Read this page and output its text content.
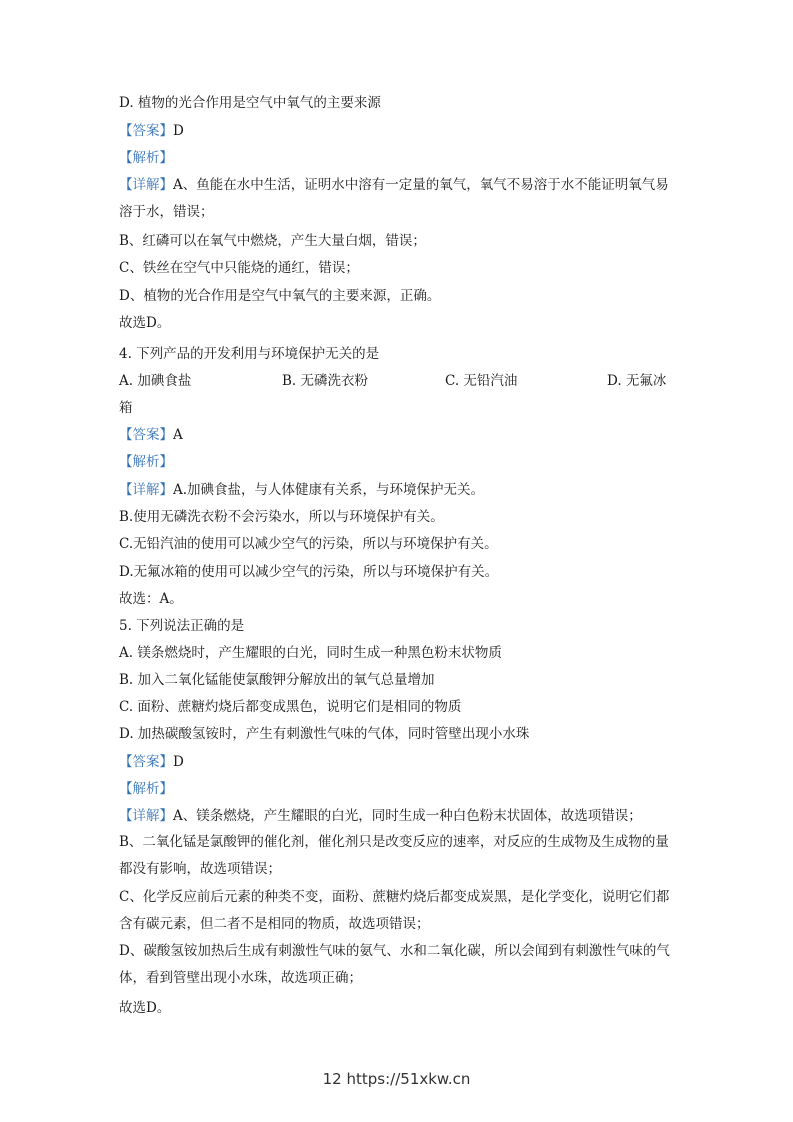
D. 植物的光合作用是空气中氧气的主要来源
【答案】D
【解析】
【详解】A、鱼能在水中生活，证明水中溶有一定量的氧气，氧气不易溶于水不能证明氧气易溶于水，错误；
B、红磷可以在氧气中燃烧，产生大量白烟，错误；
C、铁丝在空气中只能烧的通红，错误；
D、植物的光合作用是空气中氧气的主要来源，正确。
故选D。
4. 下列产品的开发利用与环境保护无关的是
A. 加碘食盐	B. 无磷洗衣粉	C. 无铅汽油	D. 无氟冰
箱
【答案】A
【解析】
【详解】A.加碘食盐，与人体健康有关系，与环境保护无关。
B.使用无磷洗衣粉不会污染水，所以与环境保护有关。
C.无铅汽油的使用可以减少空气的污染，所以与环境保护有关。
D.无氟冰箱的使用可以减少空气的污染，所以与环境保护有关。
故选：A。
5. 下列说法正确的是
A. 镁条燃烧时，产生耀眼的白光，同时生成一种黑色粉末状物质
B. 加入二氧化锰能使氯酸钾分解放出的氧气总量增加
C. 面粉、蔗糖灼烧后都变成黑色，说明它们是相同的物质
D. 加热碳酸氢铵时，产生有刺激性气味的气体，同时管壁出现小水珠
【答案】D
【解析】
【详解】A、镁条燃烧，产生耀眼的白光，同时生成一种白色粉末状固体，故选项错误；
B、二氧化锰是氯酸钾的催化剂，催化剂只是改变反应的速率，对反应的生成物及生成物的量都没有影响，故选项错误；
C、化学反应前后元素的种类不变，面粉、蔗糖灼烧后都变成炭黑，是化学变化，说明它们都含有碳元素，但二者不是相同的物质，故选项错误；
D、碳酸氢铵加热后生成有刺激性气味的氨气、水和二氧化碳，所以会闻到有刺激性气味的气体，看到管壁出现小水珠，故选项正确；
故选D。
12 https://51xkw.cn
